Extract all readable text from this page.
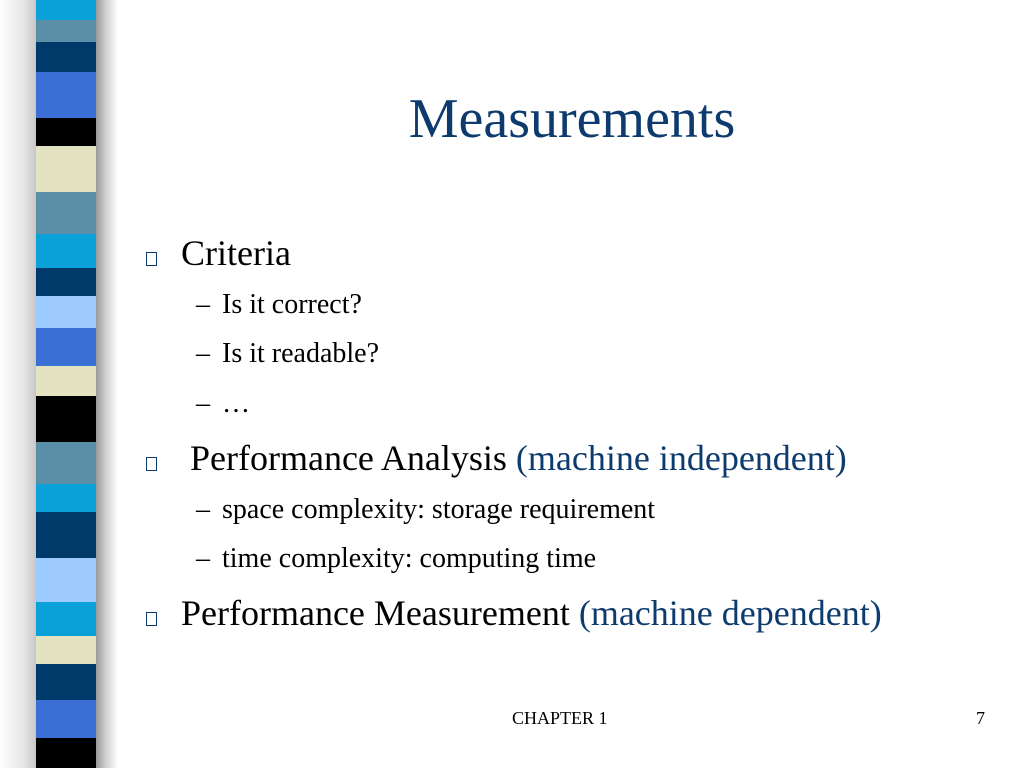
Measurements
Criteria
– Is it correct?
– Is it readable?
– …
Performance Analysis (machine independent)
– space complexity: storage requirement
– time complexity: computing time
Performance Measurement (machine dependent)
CHAPTER 1	7
